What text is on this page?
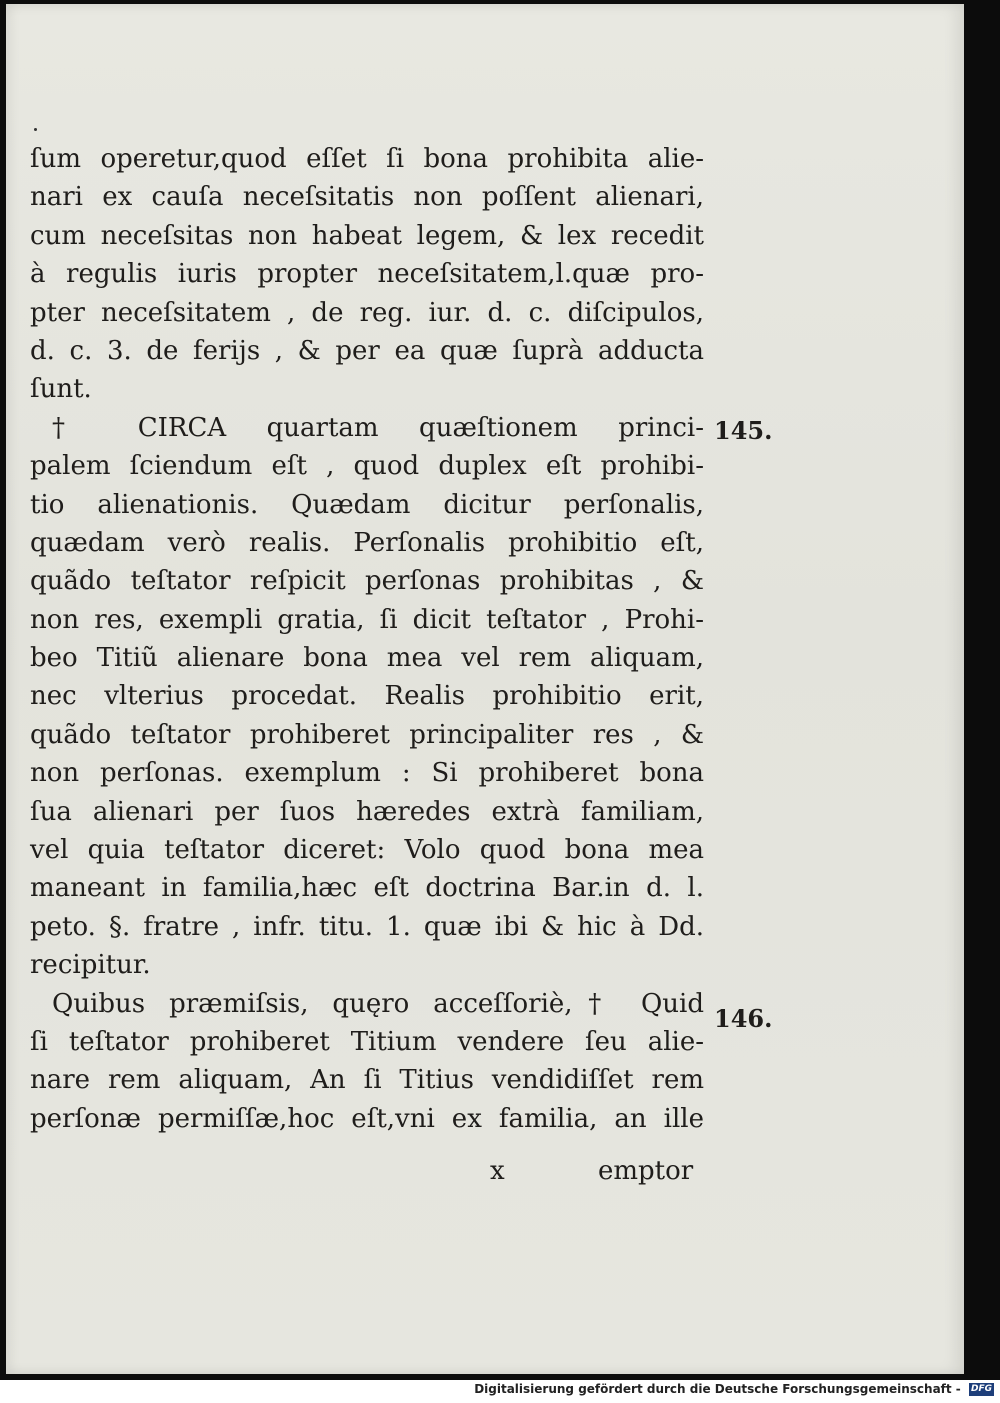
ſum operetur,quod eſſet ſi bona prohibita alie-
nari ex cauſa neceſsitatis non poſſent alienari,
cum neceſsitas non habeat legem, & lex recedit
à regulis iuris propter neceſsitatem,l.quæ pro-
pter neceſsitatem , de reg. iur. d. c. diſcipulos,
d. c. 3. de ferijs , & per ea quæ ſuprà adducta
ſunt.
† CIRCA quartam quæſtionem princi-
palem ſciendum eſt , quod duplex eſt prohibi-
tio alienationis. Quædam dicitur perſonalis,
quædam verò realis. Perſonalis prohibitio eſt,
quãdo teſtator reſpicit perſonas prohibitas , &
non res, exempli gratia, ſi dicit teſtator , Prohi-
beo Titiũ alienare bona mea vel rem aliquam,
nec vlterius procedat. Realis prohibitio erit,
quãdo teſtator prohiberet principaliter res , &
non perſonas. exemplum : Si prohiberet bona
ſua alienari per ſuos hæredes extrà familiam,
vel quia teſtator diceret: Volo quod bona mea
maneant in familia,hæc eſt doctrina Bar.in d. l.
peto. §. fratre , infr. titu. 1. quæ ibi & hic à Dd.
recipitur.
Quibus præmiſsis, quęro acceſſoriè,† Quid
ſi teſtator prohiberet Titium vendere ſeu alie-
nare rem aliquam, An ſi Titius vendidiſſet rem
perſonæ permiſſæ,hoc eſt,vni ex familia, an ille
145.
146.
x	emptor
Digitalisierung gefördert durch die Deutsche Forschungsgemeinschaft - DFG
